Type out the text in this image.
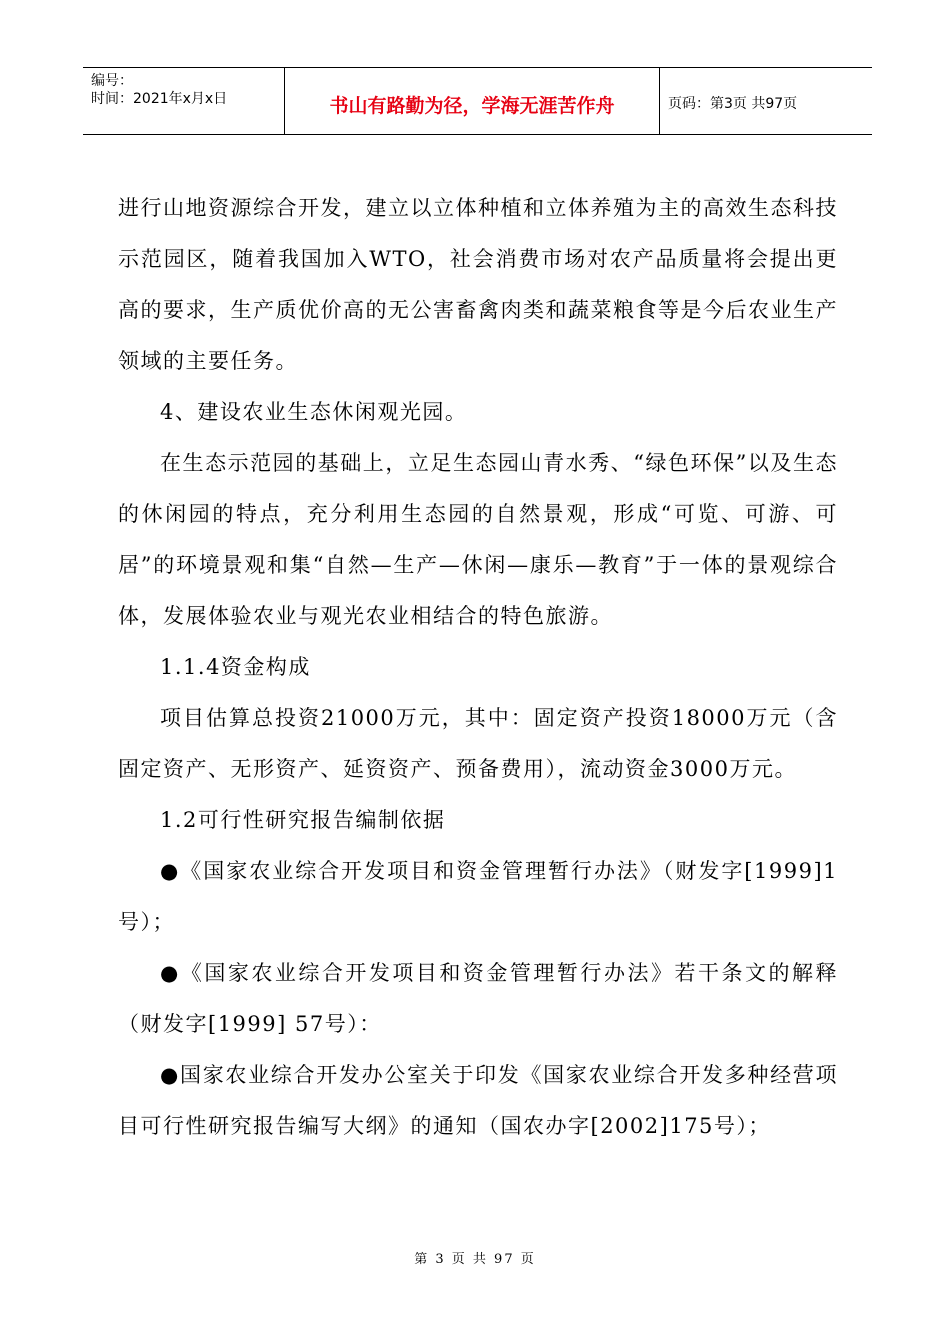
编号：
时间：2021年x月x日	书山有路勤为径，学海无涯苦作舟	页码：第3页 共97页

进行山地资源综合开发，建立以立体种植和立体养殖为主的高效生态科技示范园区，随着我国加入WTO，社会消费市场对农产品质量将会提出更高的要求，生产质优价高的无公害畜禽肉类和蔬菜粮食等是今后农业生产领域的主要任务。

4、建设农业生态休闲观光园。

在生态示范园的基础上，立足生态园山青水秀、“绿色环保”以及生态的休闲园的特点，充分利用生态园的自然景观，形成“可览、可游、可居”的环境景观和集“自然—生产—休闲—康乐—教育”于一体的景观综合体，发展体验农业与观光农业相结合的特色旅游。

1.1.4资金构成

项目估算总投资21000万元，其中：固定资产投资18000万元（含固定资产、无形资产、延资资产、预备费用），流动资金3000万元。

1.2可行性研究报告编制依据

●《国家农业综合开发项目和资金管理暂行办法》（财发字[1999]1号）；

●《国家农业综合开发项目和资金管理暂行办法》若干条文的解释（财发字[1999] 57号）：

●国家农业综合开发办公室关于印发《国家农业综合开发多种经营项目可行性研究报告编写大纲》的通知（国农办字[2002]175号）；

第 3 页 共 97 页
